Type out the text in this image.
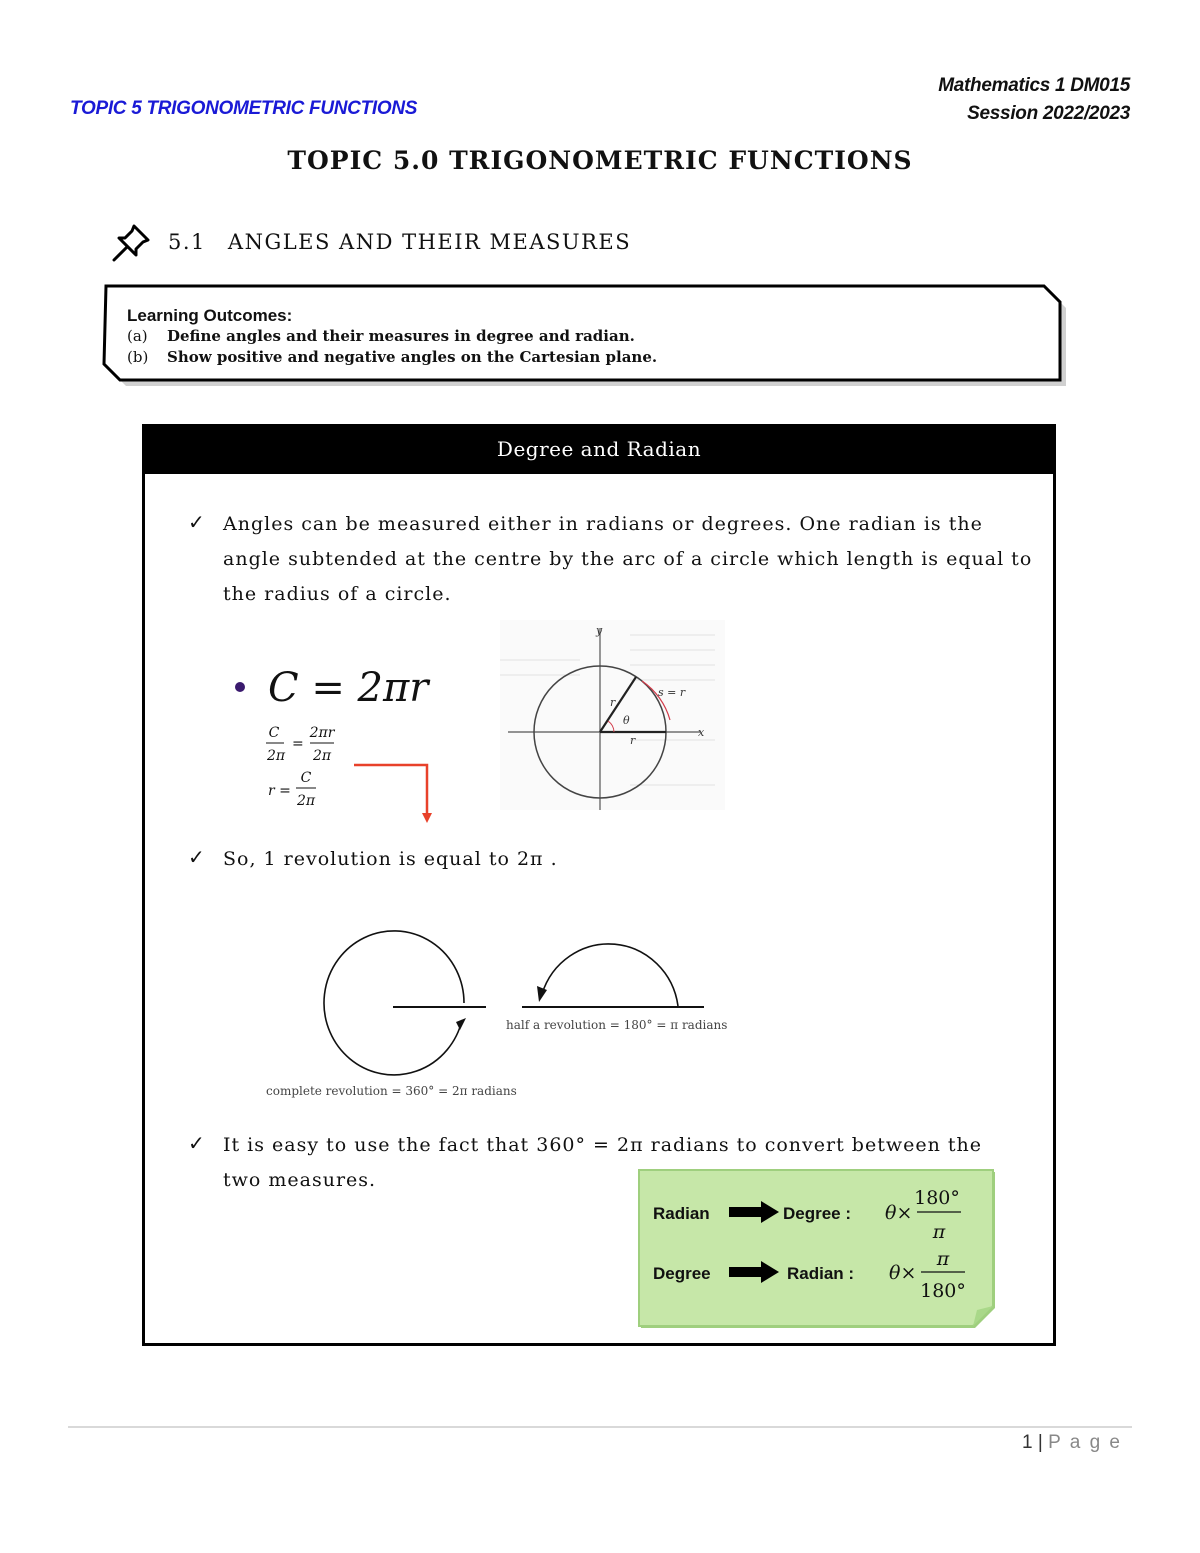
TOPIC 5 TRIGONOMETRIC FUNCTIONS
Mathematics 1 DM015
Session 2022/2023
TOPIC 5.0 TRIGONOMETRIC FUNCTIONS
5.1 ANGLES AND THEIR MEASURES
Learning Outcomes:
(a) Define angles and their measures in degree and radian.
(b) Show positive and negative angles on the Cartesian plane.
Degree and Radian
✓ Angles can be measured either in radians or degrees. One radian is the angle subtended at the centre by the arc of a circle which length is equal to the radius of a circle.
C = 2πr
C
2π
=
2πr
2π
r =
C
2π
r
r
θ
s = r
x
y
✓ So, 1 revolution is equal to 2π .
complete revolution = 360° = 2π radians
half a revolution = 180° = π radians
✓ It is easy to use the fact that 360° = 2π radians to convert between the two measures.
Radian	Degree :
Degree	Radian :
θ×
180°
π
θ×
π
180°
1 | P a g e
